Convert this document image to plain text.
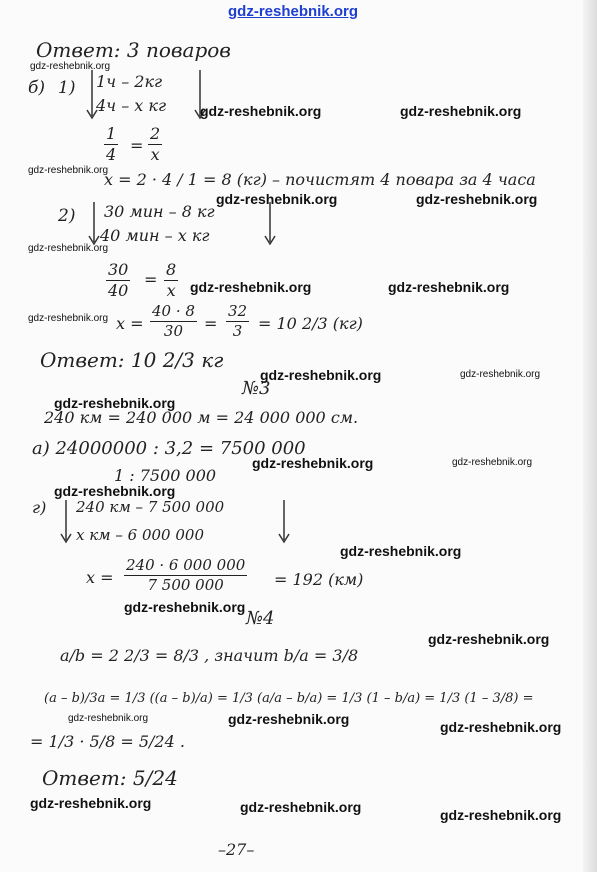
gdz-reshebnik.org
Ответ: 3 поваров
б) 1) 1ч – 2кг
4ч – x кг
$\frac{1}{4} = \frac{2}{x}$
x = 2 · 4 / 1 = 8 (кг) – почистят 4 повара за 4 часа
2) 30 мин – 8 кг
40 мин – x кг
$\frac{30}{40} = \frac{8}{x}$
$x = \frac{40 \cdot 8}{30} = \frac{32}{3} = 10$ 2/3 (кг)
Ответ: 10 2/3 кг
№3
240 км = 240 000 м = 24 000 000 см.
а) 24000000 : 3,2 = 7500 000
1 : 7500 000
г) 240 км – 7 500 000
x км – 6 000 000
$x = \frac{240 \cdot 6 000 000}{7 500 000} = 192$ (км)
№4
a/b = 2 2/3 = 8/3 , значит b/a = 3/8
(a – b)/3a = 1/3 ((a – b)/a) = 1/3 (a/a – b/a) = 1/3 (1 – b/a) = 1/3 (1 – 3/8) =
= 1/3 · 5/8 = 5/24 .
Ответ: 5/24
–27–
gdz-reshebnik.org
gdz-reshebnik.org	gdz-reshebnik.org
gdz-reshebnik.org
gdz-reshebnik.org	gdz-reshebnik.org
gdz-reshebnik.org
gdz-reshebnik.org	gdz-reshebnik.org
gdz-reshebnik.org
gdz-reshebnik.org	gdz-reshebnik.org
gdz-reshebnik.org
gdz-reshebnik.org	gdz-reshebnik.org
gdz-reshebnik.org
gdz-reshebnik.org
gdz-reshebnik.org
gdz-reshebnik.org
gdz-reshebnik.org	gdz-reshebnik.org	gdz-reshebnik.org
gdz-reshebnik.org	gdz-reshebnik.org	gdz-reshebnik.org
